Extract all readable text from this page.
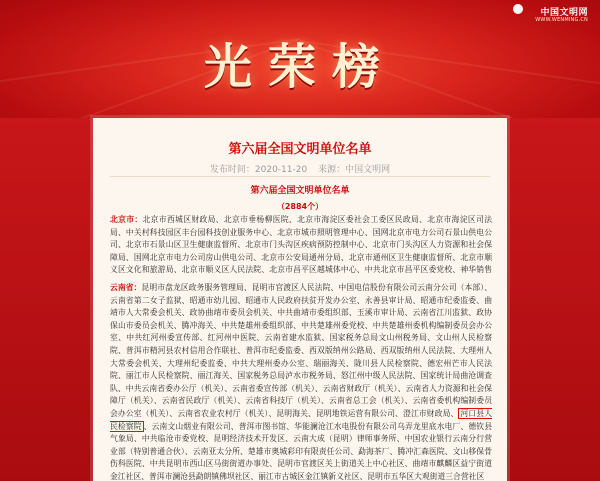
中国文明网
WWW.WENMING.CN
光荣榜
第六届全国文明单位名单
发布时间：2020-11-20 来源：中国文明网
第六届全国文明单位名单
（2884个）
北京市：北京市西城区财政局、北京市垂杨柳医院、北京市海淀区委社会工委区民政局、北京市海淀区司法局、中关村科技园区丰台园科技创业服务中心、北京市城市照明管理中心、国网北京市电力公司石景山供电公司、北京市石景山区卫生健康监督所、北京市门头沟区疾病预防控制中心、北京市门头沟区人力资源和社会保障局、国网北京市电力公司房山供电公司、北京市公安局通州分局、北京市通州区卫生健康监督所、北京市顺义区文化和旅游局、北京市顺义区人民法院、北京市昌平区越城体中心、中共北京市昌平区委党校、神华销售
云南省：昆明市盘龙区政务服务管理局、昆明市官渡区人民法院、中国电信股份有限公司云南分公司（本部）、云南省第二女子监狱、昭通市幼儿园、昭通市人民政府扶贫开发办公室、永善县审计局、昭通市纪委监委、曲靖市人大常委会机关、政协曲靖市委员会机关、中共曲靖市委组织部、玉溪市审计局、云南省江川监狱、政协保山市委员会机关、腾冲海关、中共楚雄州委组织部、中共楚雄州委党校、中共楚雄州委机构编制委员会办公室、中共红河州委宣传部、红河州中医院、云南省建水监狱、国家税务总局文山州税务局、文山州人民检察院、普洱市精河县农村信用合作联社、普洱市纪委监委、西双版纳州公路局、西双版纳州人民法院、大理州人大常委会机关、大理州纪委监委、中共大理州委办公室、瑞丽海关、陇川县人民检察院、德宏州芒市人民法院、丽江市人民检察院、丽江海关、国家税务总局泸水市税务局、怒江州中级人民法院、国家统计局曲沧调查队、中共云南省委办公厅（机关）、云南省委宣传部（机关）、云南省财政厅（机关）、云南省人力资源和社会保障厅（机关）、云南省民政厅（机关）、云南省科技厅（机关）、云南省总工会（机关）、云南省委机构编制委员会办公室（机关）、云南省农业农村厅（机关）、昆明海关、昆明地铁运营有限公司、澄江市财政局、 河口县人民检察院 、云南文山烟业有限公司、普洱市图书馆、华能澜沧江水电股份有限公司乌弄龙里底水电厂、德钦县气象局、中共临沧市委党校、昆明经济技术开发区、云南大成（昆明）律师事务所、中国农业银行云南分行营业部（特别普通合伙）、云南亚太分所、楚雄市奥城彩印有限责任公司、勐海茶厂、腾冲汇森医院、文山移保骨伤科医院、中共昆明市西山区马街街道办事处、昆明市官渡区关上街道关上中心社区、曲靖市麒麟区益宁街道金江社区、普洱市澜沧县勐朗镇佛坝社区、丽江市古城区金江镇新义社区、昆明市五华区大观街道三合营社区
